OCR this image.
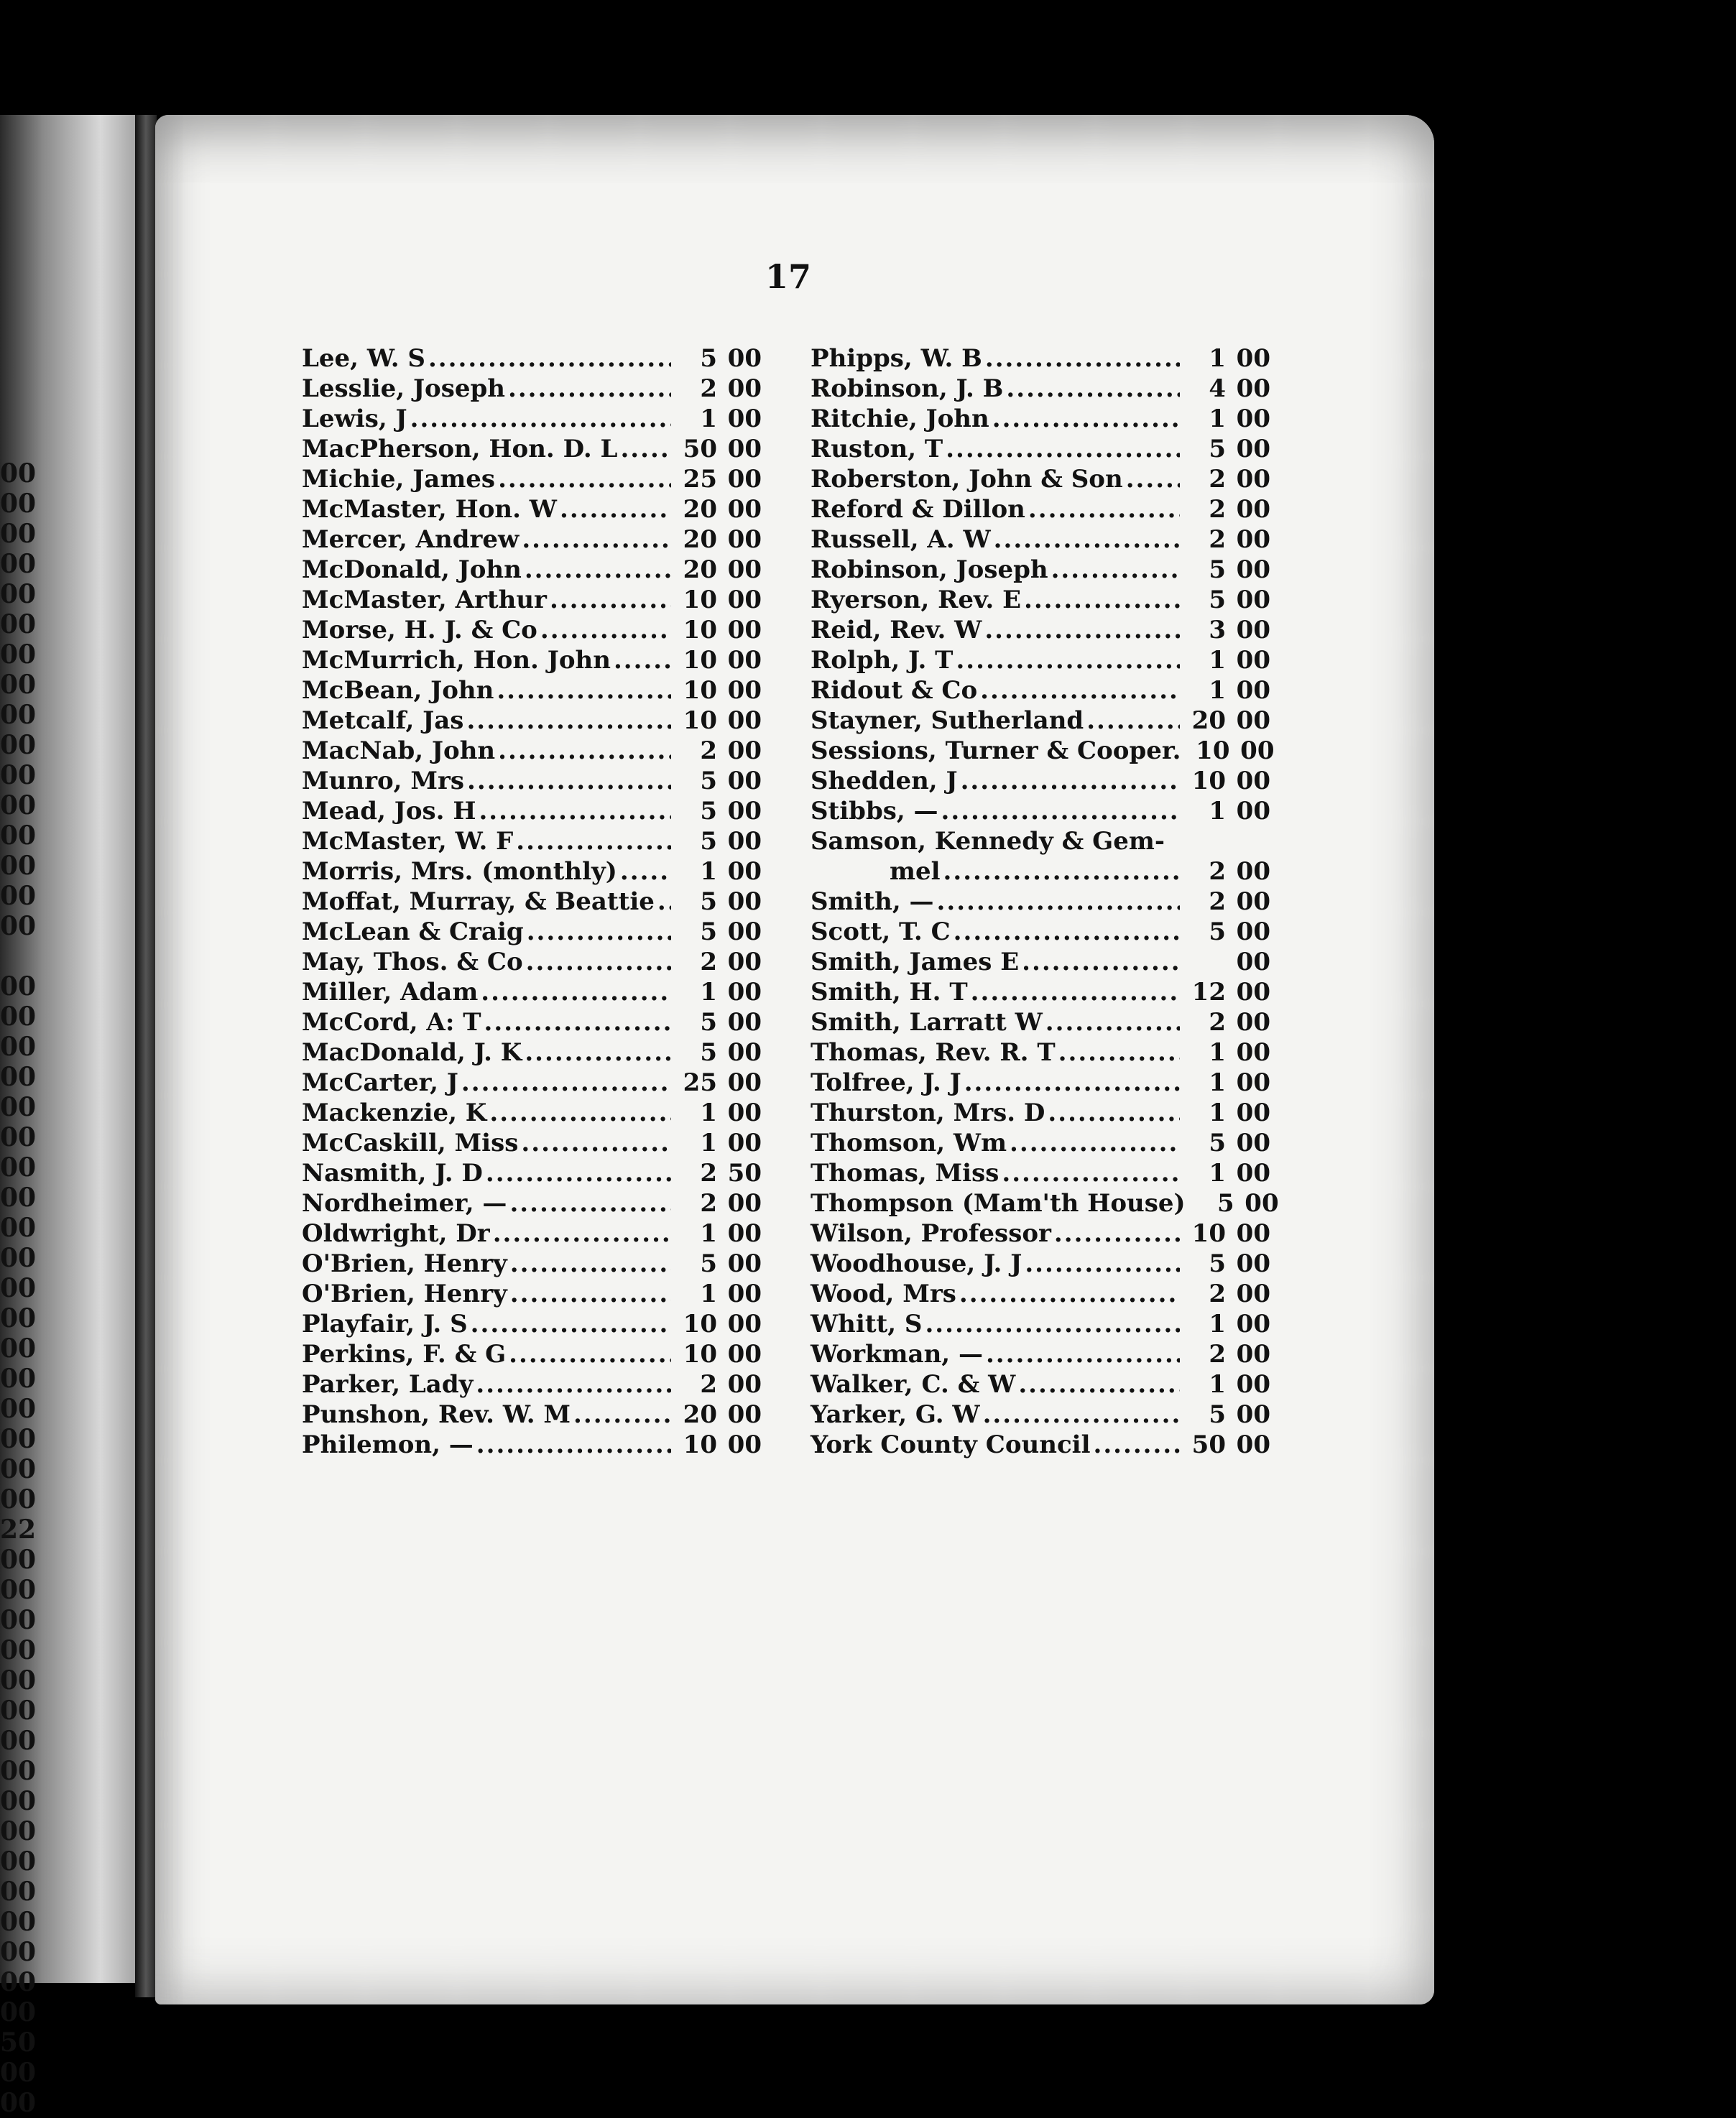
00
00
00
00
00
00
00
00
00
00
00
00
00
00
00
00
00
00
00
00
00
00
00
00
00
00
00
00
00
00
00
00
00
00
22
00
00
00
00
00
00
00
00
00
00
00
00
00
00
00
00
50
00
00
17
Lee, W. S .....	5 00
Lesslie, Joseph .....	2 00
Lewis, J .....	1 00
MacPherson, Hon. D. L .....	50 00
Michie, James .....	25 00
McMaster, Hon. W .....	20 00
Mercer, Andrew .....	20 00
McDonald, John .....	20 00
McMaster, Arthur .....	10 00
Morse, H. J. & Co .....	10 00
McMurrich, Hon. John .....	10 00
McBean, John .....	10 00
Metcalf, Jas .....	10 00
MacNab, John .....	2 00
Munro, Mrs .....	5 00
Mead, Jos. H .....	5 00
McMaster, W. F .....	5 00
Morris, Mrs. (monthly) .....	1 00
Moffat, Murray, & Beattie .....	5 00
McLean & Craig .....	5 00
May, Thos. & Co .....	2 00
Miller, Adam .....	1 00
McCord, A: T .....	5 00
MacDonald, J. K .....	5 00
McCarter, J .....	25 00
Mackenzie, K .....	1 00
McCaskill, Miss .....	1 00
Nasmith, J. D .....	2 50
Nordheimer, — .....	2 00
Oldwright, Dr .....	1 00
O'Brien, Henry .....	5 00
O'Brien, Henry .....	1 00
Playfair, J. S .....	10 00
Perkins, F. & G .....	10 00
Parker, Lady .....	2 00
Punshon, Rev. W. M .....	20 00
Philemon, — .....	10 00
Phipps, W. B .....	1 00
Robinson, J. B .....	4 00
Ritchie, John .....	1 00
Ruston, T .....	5 00
Roberston, John & Son .....	2 00
Reford & Dillon .....	2 00
Russell, A. W .....	2 00
Robinson, Joseph .....	5 00
Ryerson, Rev. E .....	5 00
Reid, Rev. W .....	3 00
Rolph, J. T .....	1 00
Ridout & Co .....	1 00
Stayner, Sutherland .....	20 00
Sessions, Turner & Cooper. 10 00
Shedden, J .....	10 00
Stibbs, — .....	1 00
Samson, Kennedy & Gem-
mel .....	2 00
Smith, — .....	2 00
Scott, T. C .....	5 00
Smith, James E .....	00
Smith, H. T .....	12 00
Smith, Larratt W .....	2 00
Thomas, Rev. R. T .....	1 00
Tolfree, J. J .....	1 00
Thurston, Mrs. D .....	1 00
Thomson, Wm .....	5 00
Thomas, Miss .....	1 00
Thompson (Mam'th House)	5 00
Wilson, Professor .....	10 00
Woodhouse, J. J .....	5 00
Wood, Mrs .....	2 00
Whitt, S .....	1 00
Workman, — .....	2 00
Walker, C. & W .....	1 00
Yarker, G. W .....	5 00
York County Council .....	50 00
